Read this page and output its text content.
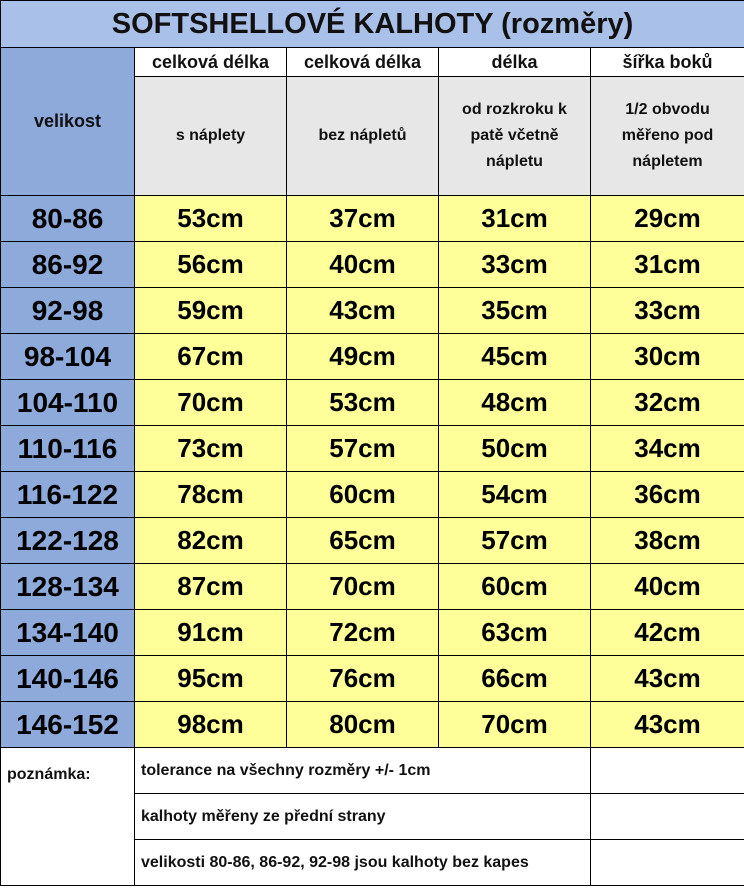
SOFTSHELLOVÉ KALHOTY (rozměry)				
velikost	celková délka	celková délka	délka	šířka boků
	s náplety	bez nápletů	od rozkroku k patě včetně nápletu	1/2 obvodu měřeno pod nápletem
80-86	53cm	37cm	31cm	29cm
86-92	56cm	40cm	33cm	31cm
92-98	59cm	43cm	35cm	33cm
98-104	67cm	49cm	45cm	30cm
104-110	70cm	53cm	48cm	32cm
110-116	73cm	57cm	50cm	34cm
116-122	78cm	60cm	54cm	36cm
122-128	82cm	65cm	57cm	38cm
128-134	87cm	70cm	60cm	40cm
134-140	91cm	72cm	63cm	42cm
140-146	95cm	76cm	66cm	43cm
146-152	98cm	80cm	70cm	43cm
poznámka:	tolerance na všechny rozměry +/- 1cm			
	kalhoty měřeny ze přední strany			
	velikosti 80-86, 86-92, 92-98 jsou kalhoty bez kapes			
